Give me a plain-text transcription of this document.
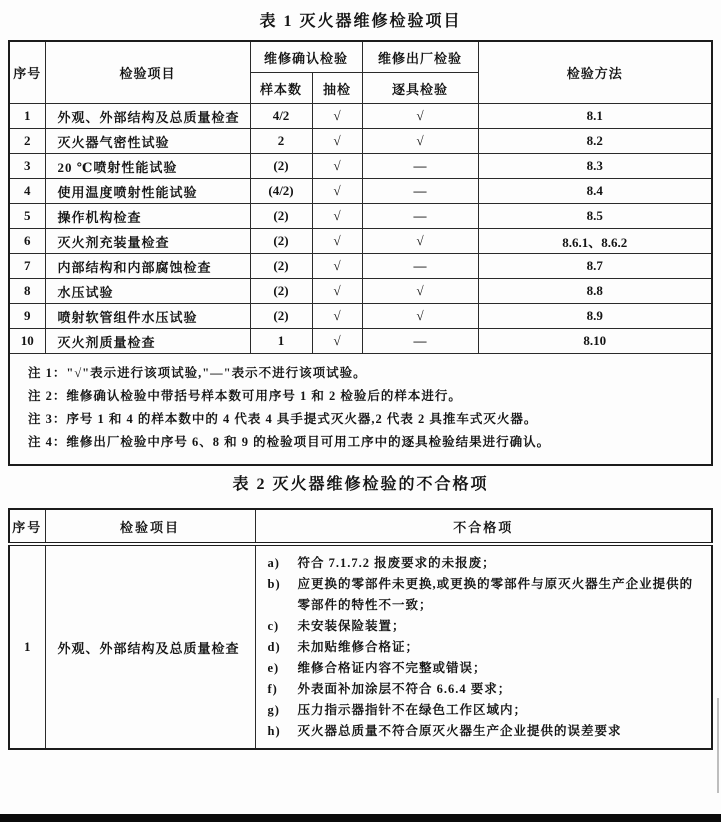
表 1 灭火器维修检验项目
序号	检验项目	维修确认检验		维修出厂检验	检验方法
		样本数	抽检	逐具检验	
1	外观、外部结构及总质量检查	4/2	√	√	8.1
2	灭火器气密性试验	2	√	√	8.2
3	20 ℃喷射性能试验	(2)	√	—	8.3
4	使用温度喷射性能试验	(4/2)	√	—	8.4
5	操作机构检查	(2)	√	—	8.5
6	灭火剂充装量检查	(2)	√	√	8.6.1、8.6.2
7	内部结构和内部腐蚀检查	(2)	√	—	8.7
8	水压试验	(2)	√	√	8.8
9	喷射软管组件水压试验	(2)	√	√	8.9
10	灭火剂质量检查	1	√	—	8.10

注 1："√"表示进行该项试验,"—"表示不进行该项试验。
注 2：维修确认检验中带括号样本数可用序号 1 和 2 检验后的样本进行。
注 3：序号 1 和 4 的样本数中的 4 代表 4 具手提式灭火器,2 代表 2 具推车式灭火器。
注 4：维修出厂检验中序号 6、8 和 9 的检验项目可用工序中的逐具检验结果进行确认。					
表 2 灭火器维修检验的不合格项
序号	检验项目	不合格项
1	外观、外部结构及总质量检查	
a)	符合 7.1.7.2 报废要求的未报废；
b)	应更换的零部件未更换,或更换的零部件与原灭火器生产企业提供的零部件的特性不一致；
c)	未安装保险装置；
d)	未加贴维修合格证；
e)	维修合格证内容不完整或错误；
f)	外表面补加涂层不符合 6.6.4 要求；
g)	压力指示器指针不在绿色工作区域内；
h)	灭火器总质量不符合原灭火器生产企业提供的误差要求
